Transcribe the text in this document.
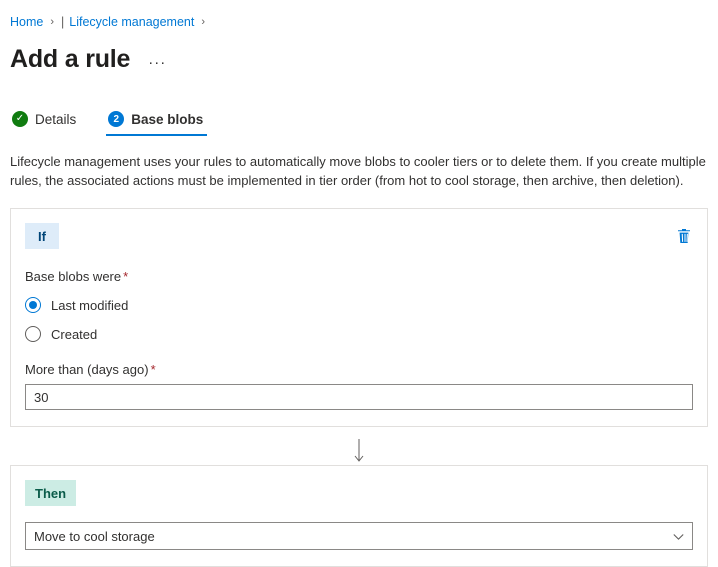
Home › | Lifecycle management ›
Add a rule ···
✓ Details	2 Base blobs
Lifecycle management uses your rules to automatically move blobs to cooler tiers or to delete them. If you create multiple rules, the associated actions must be implemented in tier order (from hot to cool storage, then archive, then deletion).
If
Base blobs were *
Last modified
Created
More than (days ago) *
30
Then
Move to cool storage
